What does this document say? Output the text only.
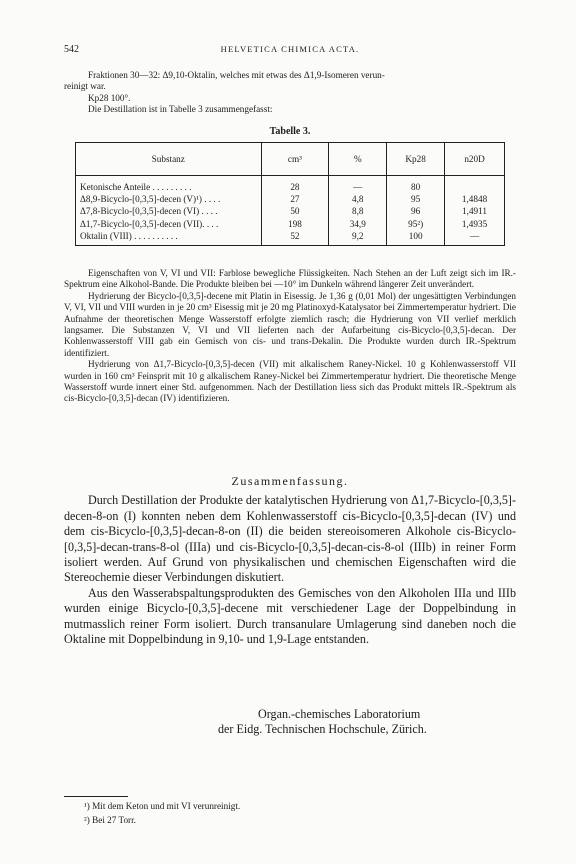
542	HELVETICA CHIMICA ACTA.

Fraktionen 30—32: Δ9,10-Oktalin, welches mit etwas des Δ1,9-Isomeren verun-

reinigt war.

Kp28 100°.

Die Destillation ist in Tabelle 3 zusammengefasst:

Tabelle 3.
Substanz	cm³	%	Kp28	n20D
Ketonische Anteile . . . . . . . . .	28	—	80	
Δ8,9-Bicyclo-[0,3,5]-decen (V)¹) . . . .	27	4,8	95	1,4848
Δ7,8-Bicyclo-[0,3,5]-decen (VI) . . . .	50	8,8	96	1,4911
Δ1,7-Bicyclo-[0,3,5]-decen (VII). . . .	198	34,9	95²)	1,4935
Oktalin (VIII) . . . . . . . . . .	52	9,2	100	—

Eigenschaften von V, VI und VII: Farblose bewegliche Flüssigkeiten. Nach Stehen an der Luft zeigt sich im IR.-Spektrum eine Alkohol-Bande. Die Produkte bleiben bei —10° im Dunkeln während längerer Zeit unverändert.

Hydrierung der Bicyclo-[0,3,5]-decene mit Platin in Eisessig. Je 1,36 g (0,01 Mol) der ungesättigten Verbindungen V, VI, VII und VIII wurden in je 20 cm³ Eisessig mit je 20 mg Platinoxyd-Katalysator bei Zimmertemperatur hydriert. Die Aufnahme der theoretischen Menge Wasserstoff erfolgte ziemlich rasch; die Hydrierung von VII verlief merklich langsamer. Die Substanzen V, VI und VII lieferten nach der Aufarbeitung cis-Bicyclo-[0,3,5]-decan. Der Kohlenwasserstoff VIII gab ein Gemisch von cis- und trans-Dekalin. Die Produkte wurden durch IR.-Spektrum identifiziert.

Hydrierung von Δ1,7-Bicyclo-[0,3,5]-decen (VII) mit alkalischem Raney-Nickel. 10 g Kohlenwasserstoff VII wurden in 160 cm³ Feinsprit mit 10 g alkalischem Raney-Nickel bei Zimmertemperatur hydriert. Die theoretische Menge Wasserstoff wurde innert einer Std. aufgenommen. Nach der Destillation liess sich das Produkt mittels IR.-Spektrum als cis-Bicyclo-[0,3,5]-decan (IV) identifizieren.

Zusammenfassung.

Durch Destillation der Produkte der katalytischen Hydrierung von Δ1,7-Bicyclo-[0,3,5]-decen-8-on (I) konnten neben dem Kohlenwasserstoff cis-Bicyclo-[0,3,5]-decan (IV) und dem cis-Bicyclo-[0,3,5]-decan-8-on (II) die beiden stereoisomeren Alkohole cis-Bicyclo-[0,3,5]-decan-trans-8-ol (IIIa) und cis-Bicyclo-[0,3,5]-decan-cis-8-ol (IIIb) in reiner Form isoliert werden. Auf Grund von physikalischen und chemischen Eigenschaften wird die Stereochemie dieser Verbindungen diskutiert.

Aus den Wasserabspaltungsprodukten des Gemisches von den Alkoholen IIIa und IIIb wurden einige Bicyclo-[0,3,5]-decene mit verschiedener Lage der Doppelbindung in mutmasslich reiner Form isoliert. Durch transanulare Umlagerung sind daneben noch die Oktaline mit Doppelbindung in 9,10- und 1,9-Lage entstanden.

Organ.-chemisches Laboratorium

der Eidg. Technischen Hochschule, Zürich.

¹) Mit dem Keton und mit VI verunreinigt.
²) Bei 27 Torr.
